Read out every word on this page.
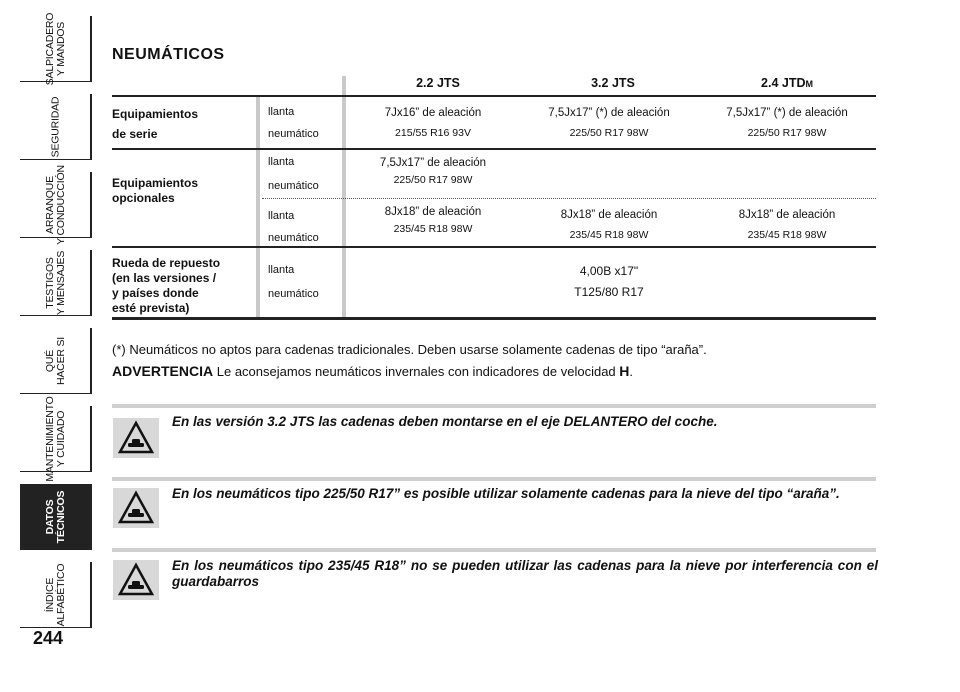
SALPICADERO
Y MANDOS
SEGURIDAD
ARRANQUE
Y CONDUCCIÓN
TESTIGOS
Y MENSAJES
QUÉ
HACER SI
MANTENIMIENTO
Y CUIDADO
DATOS
TÉCNICOS
ÍNDICE
ALFABÉTICO
244
NEUMÁTICOS
2.2 JTS	3.2 JTS	2.4 JTDM
Equipamientos
de serie
llanta
neumático
7Jx16” de aleación
215/55 R16 93V
7,5Jx17” (*) de aleación
225/50 R17 98W
7,5Jx17” (*) de aleación
225/50 R17 98W
Equipamientos
opcionales
llanta
neumático
7,5Jx17” de aleación
225/50 R17 98W
llanta
neumático
8Jx18” de aleación
235/45 R18 98W
8Jx18” de aleación
235/45 R18 98W
8Jx18” de aleación
235/45 R18 98W
Rueda de repuesto
(en las versiones /
y países donde
esté prevista)
llanta
neumático
4,00B x17"
T125/80 R17
(*) Neumáticos no aptos para cadenas tradicionales. Deben usarse solamente cadenas de tipo “araña”.
ADVERTENCIA Le aconsejamos neumáticos invernales con indicadores de velocidad H.
En las versión 3.2 JTS las cadenas deben montarse en el eje DELANTERO del coche.
En los neumáticos tipo 225/50 R17” es posible utilizar solamente cadenas para la nieve del tipo “araña”.
En los neumáticos tipo 235/45 R18” no se pueden utilizar las cadenas para la nieve por interferencia con el guardabarros
